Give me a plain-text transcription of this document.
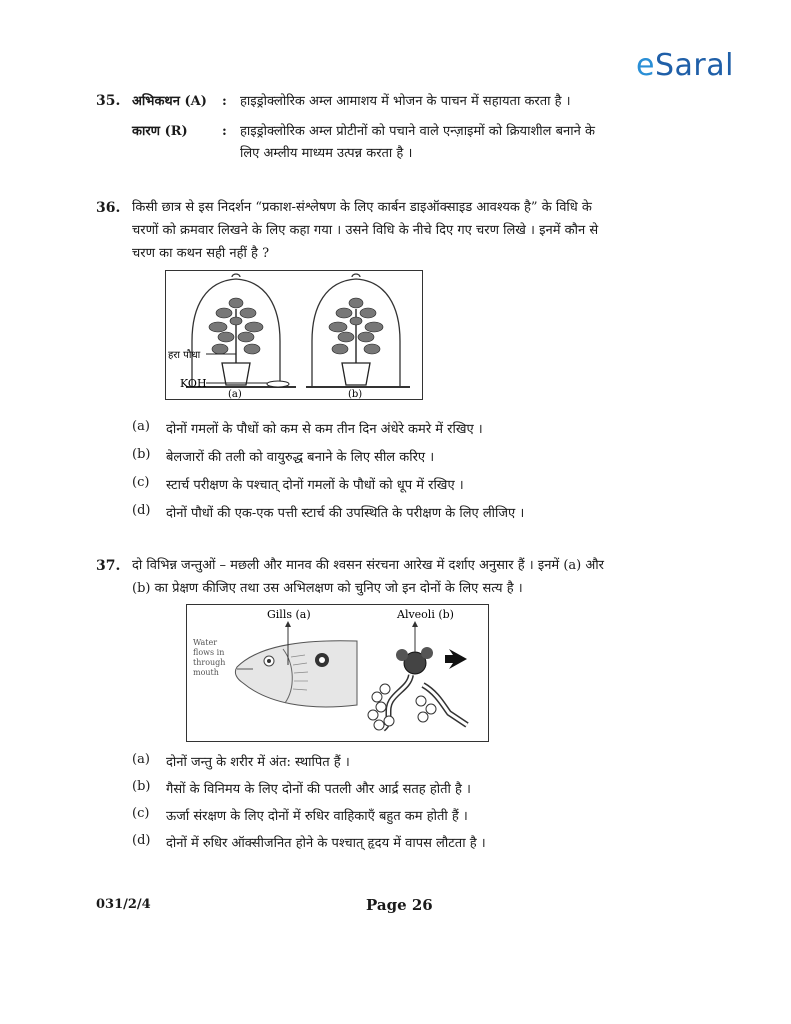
eSaral
35. अभिकथन (A) : हाइड्रोक्लोरिक अम्ल आमाशय में भोजन के पाचन में सहायता करता है ।
कारण (R)	: हाइड्रोक्लोरिक अम्ल प्रोटीनों को पचाने वाले एन्ज़ाइमों को क्रियाशील बनाने के
लिए अम्लीय माध्यम उत्पन्न करता है ।
36. किसी छात्र से इस निदर्शन “प्रकाश-संश्लेषण के लिए कार्बन डाइऑक्साइड आवश्यक है” के विधि के
चरणों को क्रमवार लिखने के लिए कहा गया । उसने विधि के नीचे दिए गए चरण लिखे । इनमें कौन से
चरण का कथन सही नहीं है ?
हरा पौधा
KOH
(a)	(b)
(a) दोनों गमलों के पौधों को कम से कम तीन दिन अंधेरे कमरे में रखिए ।
(b) बेलजारों की तली को वायुरुद्ध बनाने के लिए सील करिए ।
(c) स्टार्च परीक्षण के पश्चात् दोनों गमलों के पौधों को धूप में रखिए ।
(d) दोनों पौधों की एक-एक पत्ती स्टार्च की उपस्थिति के परीक्षण के लिए लीजिए ।
37. दो विभिन्न जन्तुओं – मछली और मानव की श्वसन संरचना आरेख में दर्शाए अनुसार हैं । इनमें (a) और
(b) का प्रेक्षण कीजिए तथा उस अभिलक्षण को चुनिए जो इन दोनों के लिए सत्य है ।
Gills (a)	Alveoli (b)
Water
flows in
through
mouth
(a) दोनों जन्तु के शरीर में अंत: स्थापित हैं ।
(b) गैसों के विनिमय के लिए दोनों की पतली और आर्द्र सतह होती है ।
(c) ऊर्जा संरक्षण के लिए दोनों में रुधिर वाहिकाएँ बहुत कम होती हैं ।
(d) दोनों में रुधिर ऑक्सीजनित होने के पश्चात् हृदय में वापस लौटता है ।
031/2/4	Page 26
